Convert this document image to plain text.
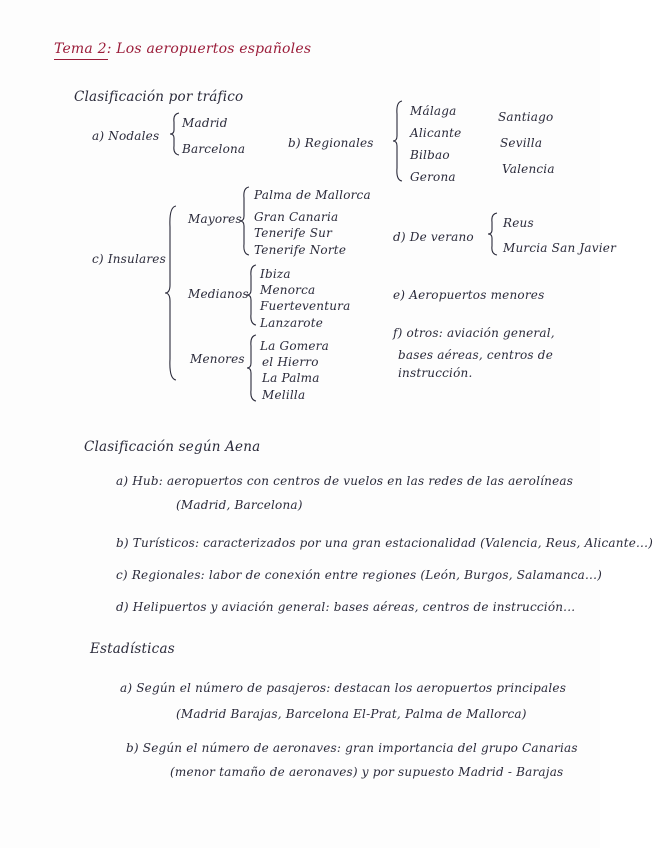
Tema 2: Los aeropuertos españoles
Clasificación por tráfico
a) Nodales
Madrid
Barcelona	b) Regionales
Málaga
Alicante
Bilbao
Gerona
Santiago
Sevilla
Valencia
c) Insulares
Mayores
Palma de Mallorca
Gran Canaria
Tenerife Sur
Tenerife Norte
Medianos
Ibiza
Menorca
Fuerteventura
Lanzarote
Menores
La Gomera
el Hierro
La Palma
Melilla
d) De verano
Reus
Murcia San Javier
e) Aeropuertos menores
f) otros: aviación general,
bases aéreas, centros de
instrucción.
Clasificación según Aena
a) Hub: aeropuertos con centros de vuelos en las redes de las aerolíneas
(Madrid, Barcelona)
b) Turísticos: caracterizados por una gran estacionalidad (Valencia, Reus, Alicante...)
c) Regionales: labor de conexión entre regiones (León, Burgos, Salamanca...)
d) Helipuertos y aviación general: bases aéreas, centros de instrucción...
Estadísticas
a) Según el número de pasajeros: destacan los aeropuertos principales
(Madrid Barajas, Barcelona El-Prat, Palma de Mallorca)
b) Según el número de aeronaves: gran importancia del grupo Canarias
(menor tamaño de aeronaves) y por supuesto Madrid - Barajas
